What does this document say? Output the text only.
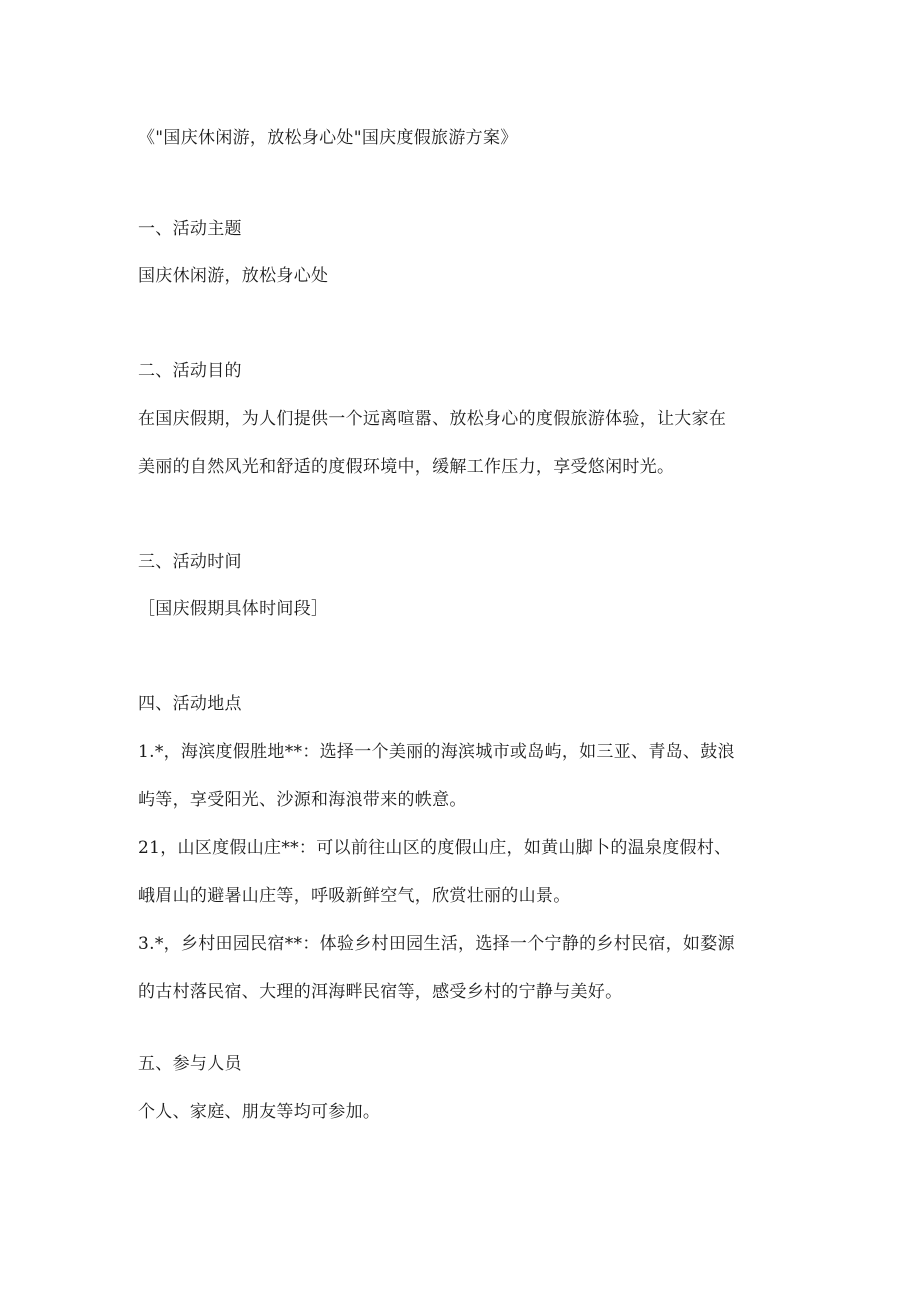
《"国庆休闲游，放松身心处"国庆度假旅游方案》
一、活动主题
国庆休闲游，放松身心处
二、活动目的
在国庆假期，为人们提供一个远离喧嚣、放松身心的度假旅游体验，让大家在
美丽的自然风光和舒适的度假环境中，缓解工作压力，享受悠闲时光。
三、活动时间
［国庆假期具体时间段］
四、活动地点
1.*，海滨度假胜地**：选择一个美丽的海滨城市或岛屿，如三亚、青岛、鼓浪
屿等，享受阳光、沙源和海浪带来的帙意。
21，山区度假山庄**：可以前往山区的度假山庄，如黄山脚卜的温泉度假村、
峨眉山的避暑山庄等，呼吸新鲜空气，欣赏壮丽的山景。
3.*，乡村田园民宿**：体验乡村田园生活，选择一个宁静的乡村民宿，如婺源
的古村落民宿、大理的洱海畔民宿等，感受乡村的宁静与美好。
五、参与人员
个人、家庭、朋友等均可参加。
